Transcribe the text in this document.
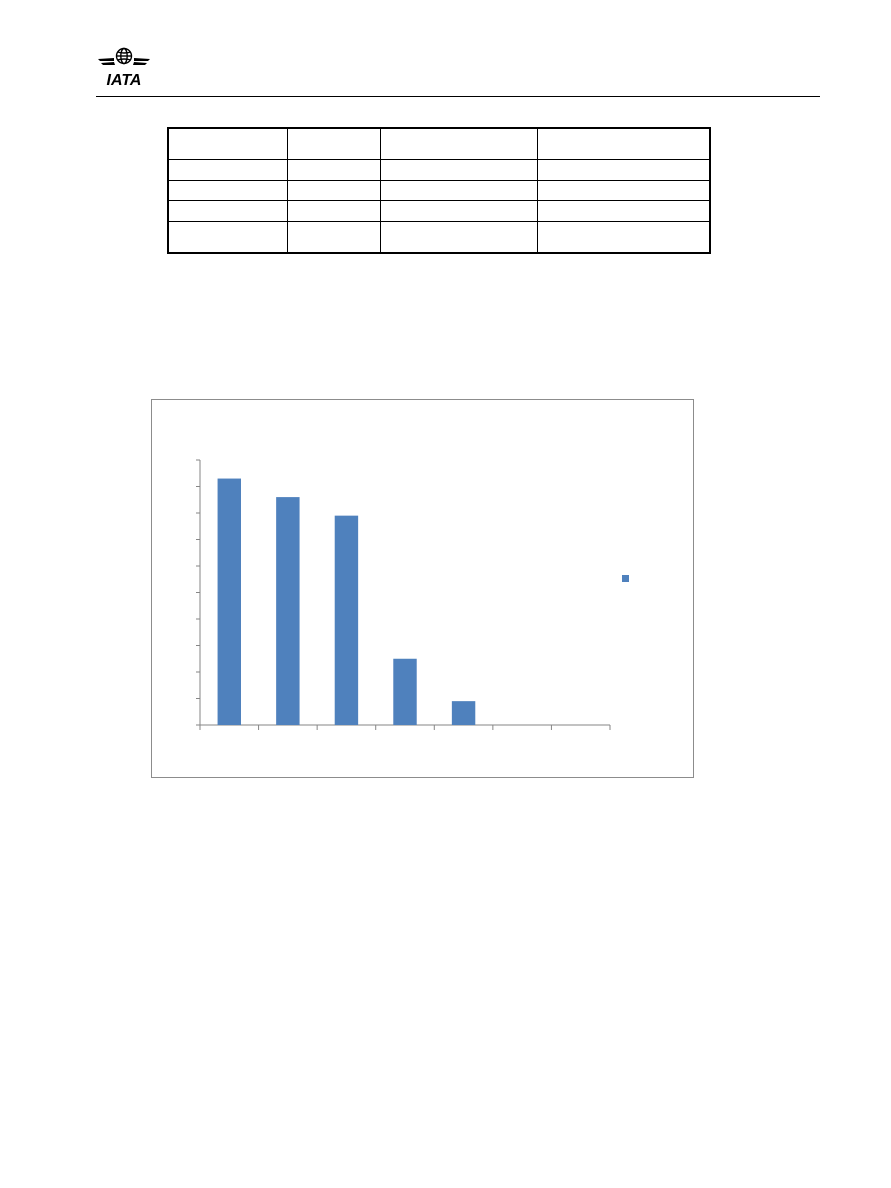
IATA
